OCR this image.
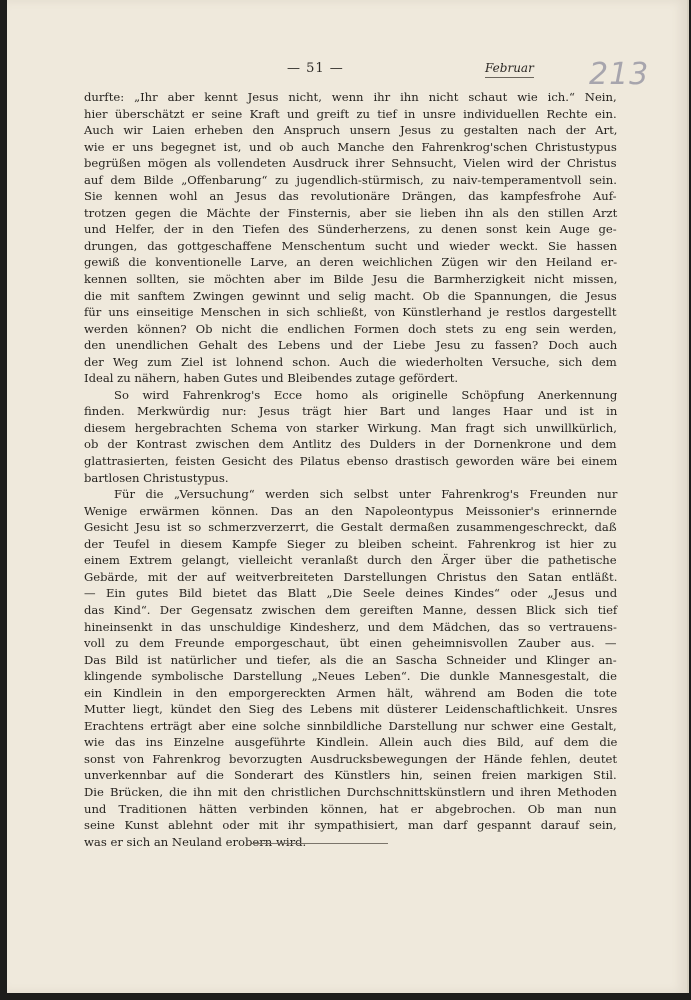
— 51 —	Februar 213
durfte: „Ihr aber kennt Jesus nicht, wenn ihr ihn nicht schaut wie ich.“ Nein,
hier überschätzt er seine Kraft und greift zu tief in unsre individuellen Rechte ein.
Auch wir Laien erheben den Anspruch unsern Jesus zu gestalten nach der Art,
wie er uns begegnet ist, und ob auch Manche den Fahrenkrog'schen Christustypus
begrüßen mögen als vollendeten Ausdruck ihrer Sehnsucht, Vielen wird der Christus
auf dem Bilde „Offenbarung“ zu jugendlich-stürmisch, zu naiv-temperamentvoll sein.
Sie kennen wohl an Jesus das revolutionäre Drängen, das kampfesfrohe Auf-
trotzen gegen die Mächte der Finsternis, aber sie lieben ihn als den stillen Arzt
und Helfer, der in den Tiefen des Sünderherzens, zu denen sonst kein Auge ge-
drungen, das gottgeschaffene Menschentum sucht und wieder weckt. Sie hassen
gewiß die konventionelle Larve, an deren weichlichen Zügen wir den Heiland er-
kennen sollten, sie möchten aber im Bilde Jesu die Barmherzigkeit nicht missen,
die mit sanftem Zwingen gewinnt und selig macht. Ob die Spannungen, die Jesus
für uns einseitige Menschen in sich schließt, von Künstlerhand je restlos dargestellt
werden können? Ob nicht die endlichen Formen doch stets zu eng sein werden,
den unendlichen Gehalt des Lebens und der Liebe Jesu zu fassen? Doch auch
der Weg zum Ziel ist lohnend schon. Auch die wiederholten Versuche, sich dem
Ideal zu nähern, haben Gutes und Bleibendes zutage gefördert.
So wird Fahrenkrog's Ecce homo als originelle Schöpfung Anerkennung
finden. Merkwürdig nur: Jesus trägt hier Bart und langes Haar und ist in
diesem hergebrachten Schema von starker Wirkung. Man fragt sich unwillkürlich,
ob der Kontrast zwischen dem Antlitz des Dulders in der Dornenkrone und dem
glattrasierten, feisten Gesicht des Pilatus ebenso drastisch geworden wäre bei einem
bartlosen Christustypus.
Für die „Versuchung“ werden sich selbst unter Fahrenkrog's Freunden nur
Wenige erwärmen können. Das an den Napoleontypus Meissonier's erinnernde
Gesicht Jesu ist so schmerzverzerrt, die Gestalt dermaßen zusammengeschreckt, daß
der Teufel in diesem Kampfe Sieger zu bleiben scheint. Fahrenkrog ist hier zu
einem Extrem gelangt, vielleicht veranlaßt durch den Ärger über die pathetische
Gebärde, mit der auf weitverbreiteten Darstellungen Christus den Satan entläßt.
— Ein gutes Bild bietet das Blatt „Die Seele deines Kindes“ oder „Jesus und
das Kind“. Der Gegensatz zwischen dem gereiften Manne, dessen Blick sich tief
hineinsenkt in das unschuldige Kindesherz, und dem Mädchen, das so vertrauens-
voll zu dem Freunde emporgeschaut, übt einen geheimnisvollen Zauber aus. —
Das Bild ist natürlicher und tiefer, als die an Sascha Schneider und Klinger an-
klingende symbolische Darstellung „Neues Leben“. Die dunkle Mannesgestalt, die
ein Kindlein in den emporgereckten Armen hält, während am Boden die tote
Mutter liegt, kündet den Sieg des Lebens mit düsterer Leidenschaftlichkeit. Unsres
Erachtens erträgt aber eine solche sinnbildliche Darstellung nur schwer eine Gestalt,
wie das ins Einzelne ausgeführte Kindlein. Allein auch dies Bild, auf dem die
sonst von Fahrenkrog bevorzugten Ausdrucksbewegungen der Hände fehlen, deutet
unverkennbar auf die Sonderart des Künstlers hin, seinen freien markigen Stil.
Die Brücken, die ihn mit den christlichen Durchschnittskünstlern und ihren Methoden
und Traditionen hätten verbinden können, hat er abgebrochen. Ob man nun
seine Kunst ablehnt oder mit ihr sympathisiert, man darf gespannt darauf sein,
was er sich an Neuland erobern wird.
